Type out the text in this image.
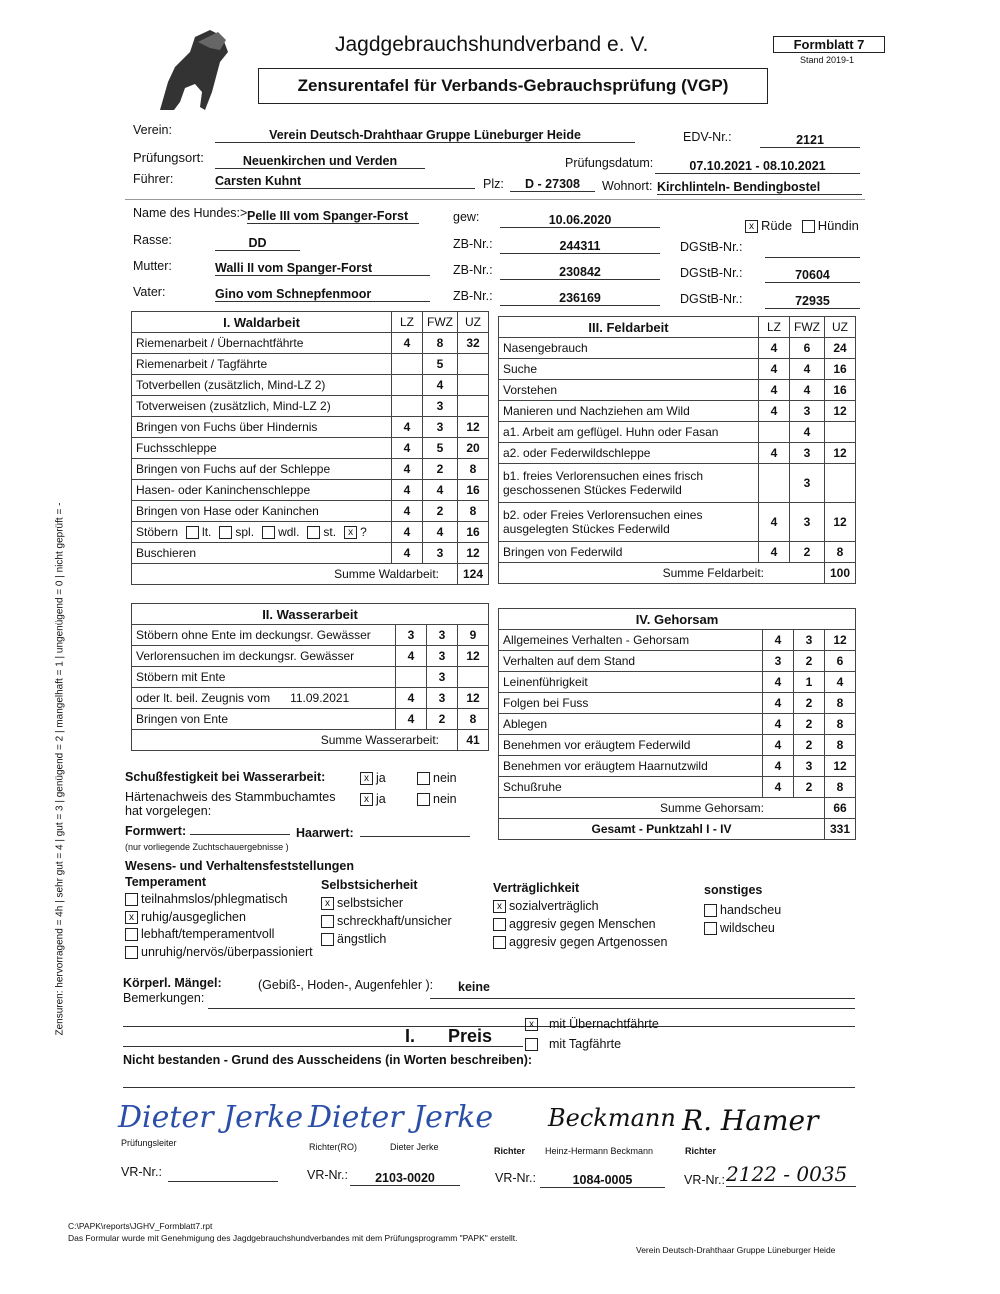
Jagdgebrauchshundverband e. V.	Formblatt 7
Stand 2019-1
Zensurentafel für Verbands-Gebrauchsprüfung (VGP)
Verein:	Verein Deutsch-Drahthaar Gruppe Lüneburger Heide	EDV-Nr.:	2121
Prüfungsort:	Neuenkirchen und Verden	Prüfungsdatum:	07.10.2021 - 08.10.2021
Führer:	Carsten Kuhnt	Plz:	D - 27308	Wohnort: Kirchlinteln- Bendingbostel
Name des Hundes:> Pelle III vom Spanger-Forst	gew:	10.06.2020	x Rüde Hündin
Rasse:	DD	ZB-Nr.:	244311	DGStB-Nr.:
Mutter:	Walli II vom Spanger-Forst	ZB-Nr.:	230842	DGStB-Nr.:	70604
Vater:	Gino vom Schnepfenmoor	ZB-Nr.:	236169	DGStB-Nr.:	72935
I. Waldarbeit	LZ	FWZ	UZ
Riemenarbeit / Übernachtfährte	4	8	32
Riemenarbeit / Tagfährte		5	
Totverbellen (zusätzlich, Mind-LZ 2)		4	
Totverweisen (zusätzlich, Mind-LZ 2)		3	
Bringen von Fuchs über Hindernis	4	3	12
Fuchsschleppe	4	5	20
Bringen von Fuchs auf der Schleppe	4	2	8
Hasen- oder Kaninchenschleppe	4	4	16
Bringen von Hase oder Kaninchen	4	2	8
Stöbern lt. spl. wdl. st. x ?	4	4	16
Buschieren	4	3	12
Summe Waldarbeit:			124
III. Feldarbeit	LZ	FWZ	UZ
Nasengebrauch	4	6	24
Suche	4	4	16
Vorstehen	4	4	16
Manieren und Nachziehen am Wild	4	3	12
a1. Arbeit am geflügel. Huhn oder Fasan		4	
a2. oder Federwildschleppe	4	3	12
b1. freies Verlorensuchen eines frisch geschossenen Stückes Federwild		3	
b2. oder Freies Verlorensuchen eines ausgelegten Stückes Federwild	4	3	12
Bringen von Federwild	4	2	8
Summe Feldarbeit:			100
II. Wasserarbeit			
Stöbern ohne Ente im deckungsr. Gewässer	3	3	9
Verlorensuchen im deckungsr. Gewässer	4	3	12
Stöbern mit Ente		3	
oder lt. beil. Zeugnis vom 11.09.2021	4	3	12
Bringen von Ente	4	2	8
Summe Wasserarbeit:			41
IV. Gehorsam			
Allgemeines Verhalten - Gehorsam	4	3	12
Verhalten auf dem Stand	3	2	6
Leinenführigkeit	4	1	4
Folgen bei Fuss	4	2	8
Ablegen	4	2	8
Benehmen vor eräugtem Federwild	4	2	8
Benehmen vor eräugtem Haarnutzwild	4	3	12
Schußruhe	4	2	8
Summe Gehorsam:			66
Gesamt - Punktzahl I - IV			331
Schußfestigkeit bei Wasserarbeit:	x ja	nein
Härtenachweis des Stammbuchamtes hat vorgelegen:
x ja	nein
Formwert:	Haarwert:
(nur vorliegende Zuchtschauergebnisse )
Wesens- und Verhaltensfeststellungen
Temperament
teilnahmslos/phlegmatisch
x ruhig/ausgeglichen
lebhaft/temperamentvoll
unruhig/nervös/überpassioniert
Selbstsicherheit
x selbstsicher
schreckhaft/unsicher
ängstlich
Verträglichkeit
x sozialverträglich
aggresiv gegen Menschen
aggresiv gegen Artgenossen
sonstiges
handscheu
wildscheu
Körperl. Mängel:	(Gebiß-, Hoden-, Augenfehler ): keine
Bemerkungen:
I. Preis
x mit Übernachtfährte
mit Tagfährte
Nicht bestanden - Grund des Ausscheidens (in Worten beschreiben):
Dieter Jerke Dieter Jerke Beckmann R. Hamer
Prüfungsleiter	Richter(RO)	Dieter Jerke	Richter Heinz-Hermann Beckmann	Richter
VR-Nr.:	VR-Nr.:	2103-0020	VR-Nr.:	1084-0005	VR-Nr.: 2122 - 0035
Zensuren: hervorragend = 4h | sehr gut = 4 | gut = 3 | genügend = 2 | mangelhaft = 1 | ungenügend = 0 | nicht geprüft = -
C:\PAPK\reports\JGHV_Formblatt7.rpt
Das Formular wurde mit Genehmigung des Jagdgebrauchshundverbandes mit dem Prüfungsprogramm "PAPK" erstellt.
Verein Deutsch-Drahthaar Gruppe Lüneburger Heide
